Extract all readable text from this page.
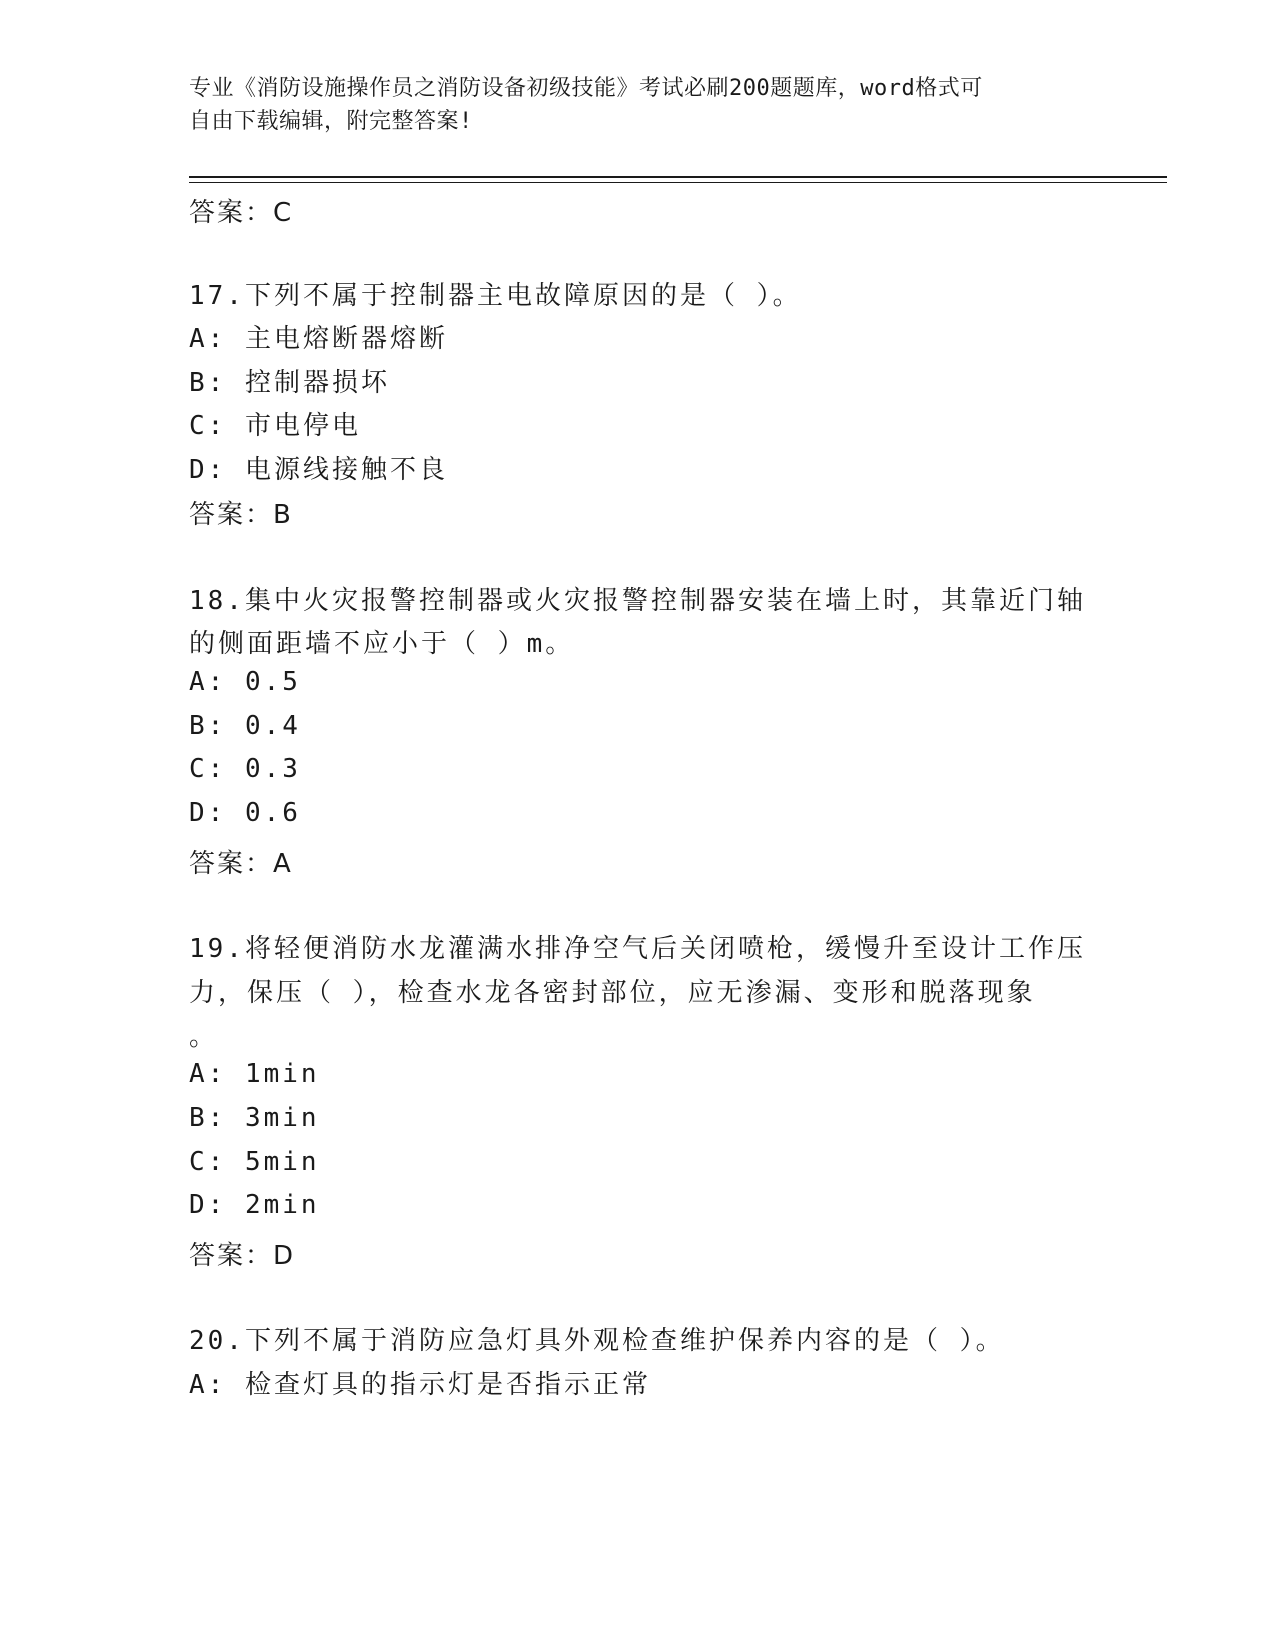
专业《消防设施操作员之消防设备初级技能》考试必刷200题题库，word格式可
自由下载编辑，附完整答案!
答案：C
17.下列不属于控制器主电故障原因的是（ ）。
A: 主电熔断器熔断
B: 控制器损坏
C: 市电停电
D: 电源线接触不良
答案：B
18.集中火灾报警控制器或火灾报警控制器安装在墙上时，其靠近门轴
的侧面距墙不应小于（ ）m。
A: 0.5
B: 0.4
C: 0.3
D: 0.6
答案：A
19.将轻便消防水龙灌满水排净空气后关闭喷枪，缓慢升至设计工作压
力，保压（ ），检查水龙各密封部位，应无渗漏、变形和脱落现象
。
A: 1min
B: 3min
C: 5min
D: 2min
答案：D
20.下列不属于消防应急灯具外观检查维护保养内容的是（ ）。
A: 检查灯具的指示灯是否指示正常
